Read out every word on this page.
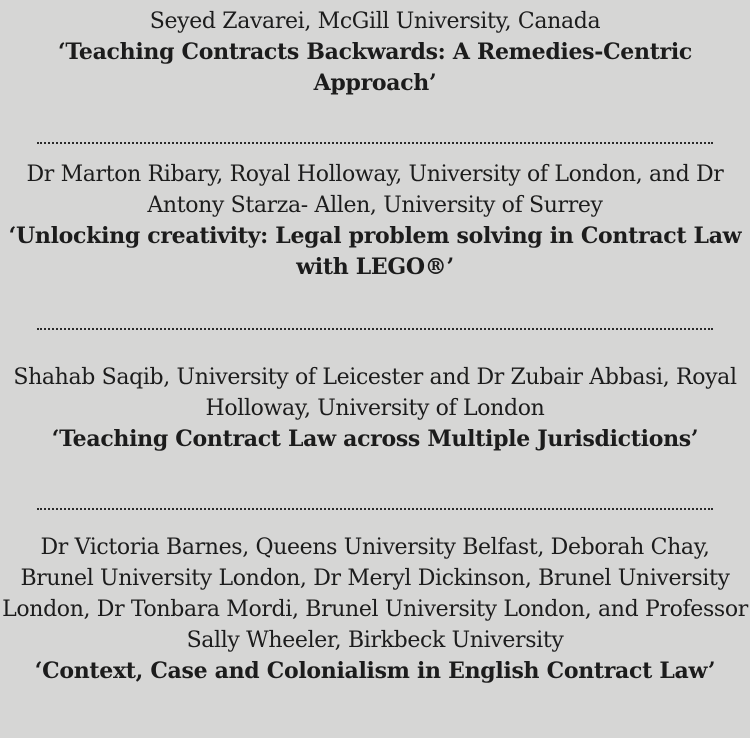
Seyed Zavarei, McGill University, Canada

‘Teaching Contracts Backwards: A Remedies-Centric Approach’

Dr Marton Ribary, Royal Holloway, University of London, and Dr Antony Starza- Allen, University of Surrey

‘Unlocking creativity: Legal problem solving in Contract Law with LEGO®’

Shahab Saqib, University of Leicester and Dr Zubair Abbasi, Royal Holloway, University of London

‘Teaching Contract Law across Multiple Jurisdictions’

Dr Victoria Barnes, Queens University Belfast, Deborah Chay, Brunel University London, Dr Meryl Dickinson, Brunel University London, Dr Tonbara Mordi, Brunel University London, and Professor Sally Wheeler, Birkbeck University

‘Context, Case and Colonialism in English Contract Law’
